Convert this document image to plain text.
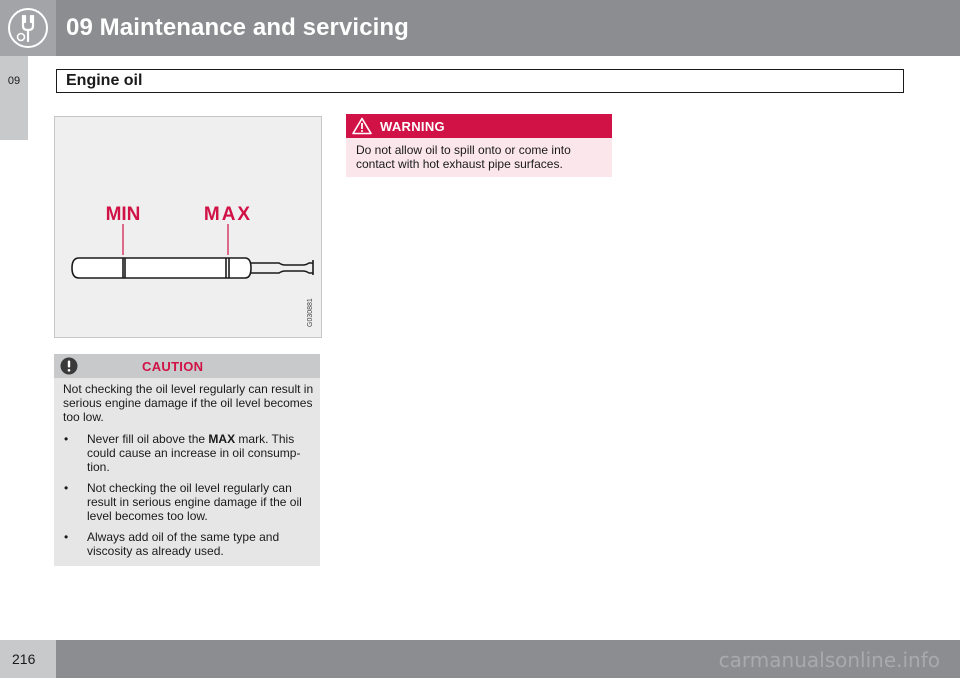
09 Maintenance and servicing
09	Engine oil
MIN	MAX
G030881
CAUTION

Not checking the oil level regularly can result in serious engine damage if the oil level becomes too low.

• Never fill oil above the MAX mark. This could cause an increase in oil consump-tion.
• Not checking the oil level regularly can result in serious engine damage if the oil level becomes too low.
• Always add oil of the same type and viscosity as already used.
WARNING
Do not allow oil to spill onto or come into contact with hot exhaust pipe surfaces.
216	carmanualsonline.info
